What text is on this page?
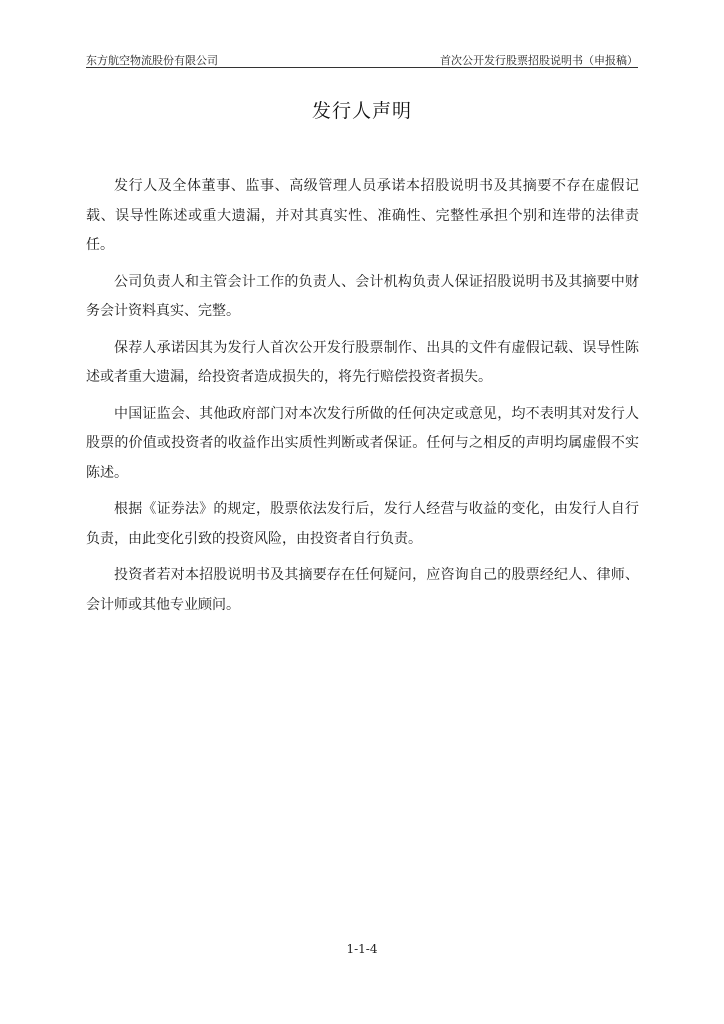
东方航空物流股份有限公司	首次公开发行股票招股说明书（申报稿）
发行人声明

发行人及全体董事、监事、高级管理人员承诺本招股说明书及其摘要不存在虚假记载、误导性陈述或重大遗漏，并对其真实性、准确性、完整性承担个别和连带的法律责任。

公司负责人和主管会计工作的负责人、会计机构负责人保证招股说明书及其摘要中财务会计资料真实、完整。

保荐人承诺因其为发行人首次公开发行股票制作、出具的文件有虚假记载、误导性陈述或者重大遗漏，给投资者造成损失的，将先行赔偿投资者损失。

中国证监会、其他政府部门对本次发行所做的任何决定或意见，均不表明其对发行人股票的价值或投资者的收益作出实质性判断或者保证。任何与之相反的声明均属虚假不实陈述。

根据《证券法》的规定，股票依法发行后，发行人经营与收益的变化，由发行人自行负责，由此变化引致的投资风险，由投资者自行负责。

投资者若对本招股说明书及其摘要存在任何疑问，应咨询自己的股票经纪人、律师、会计师或其他专业顾问。

1-1-4
